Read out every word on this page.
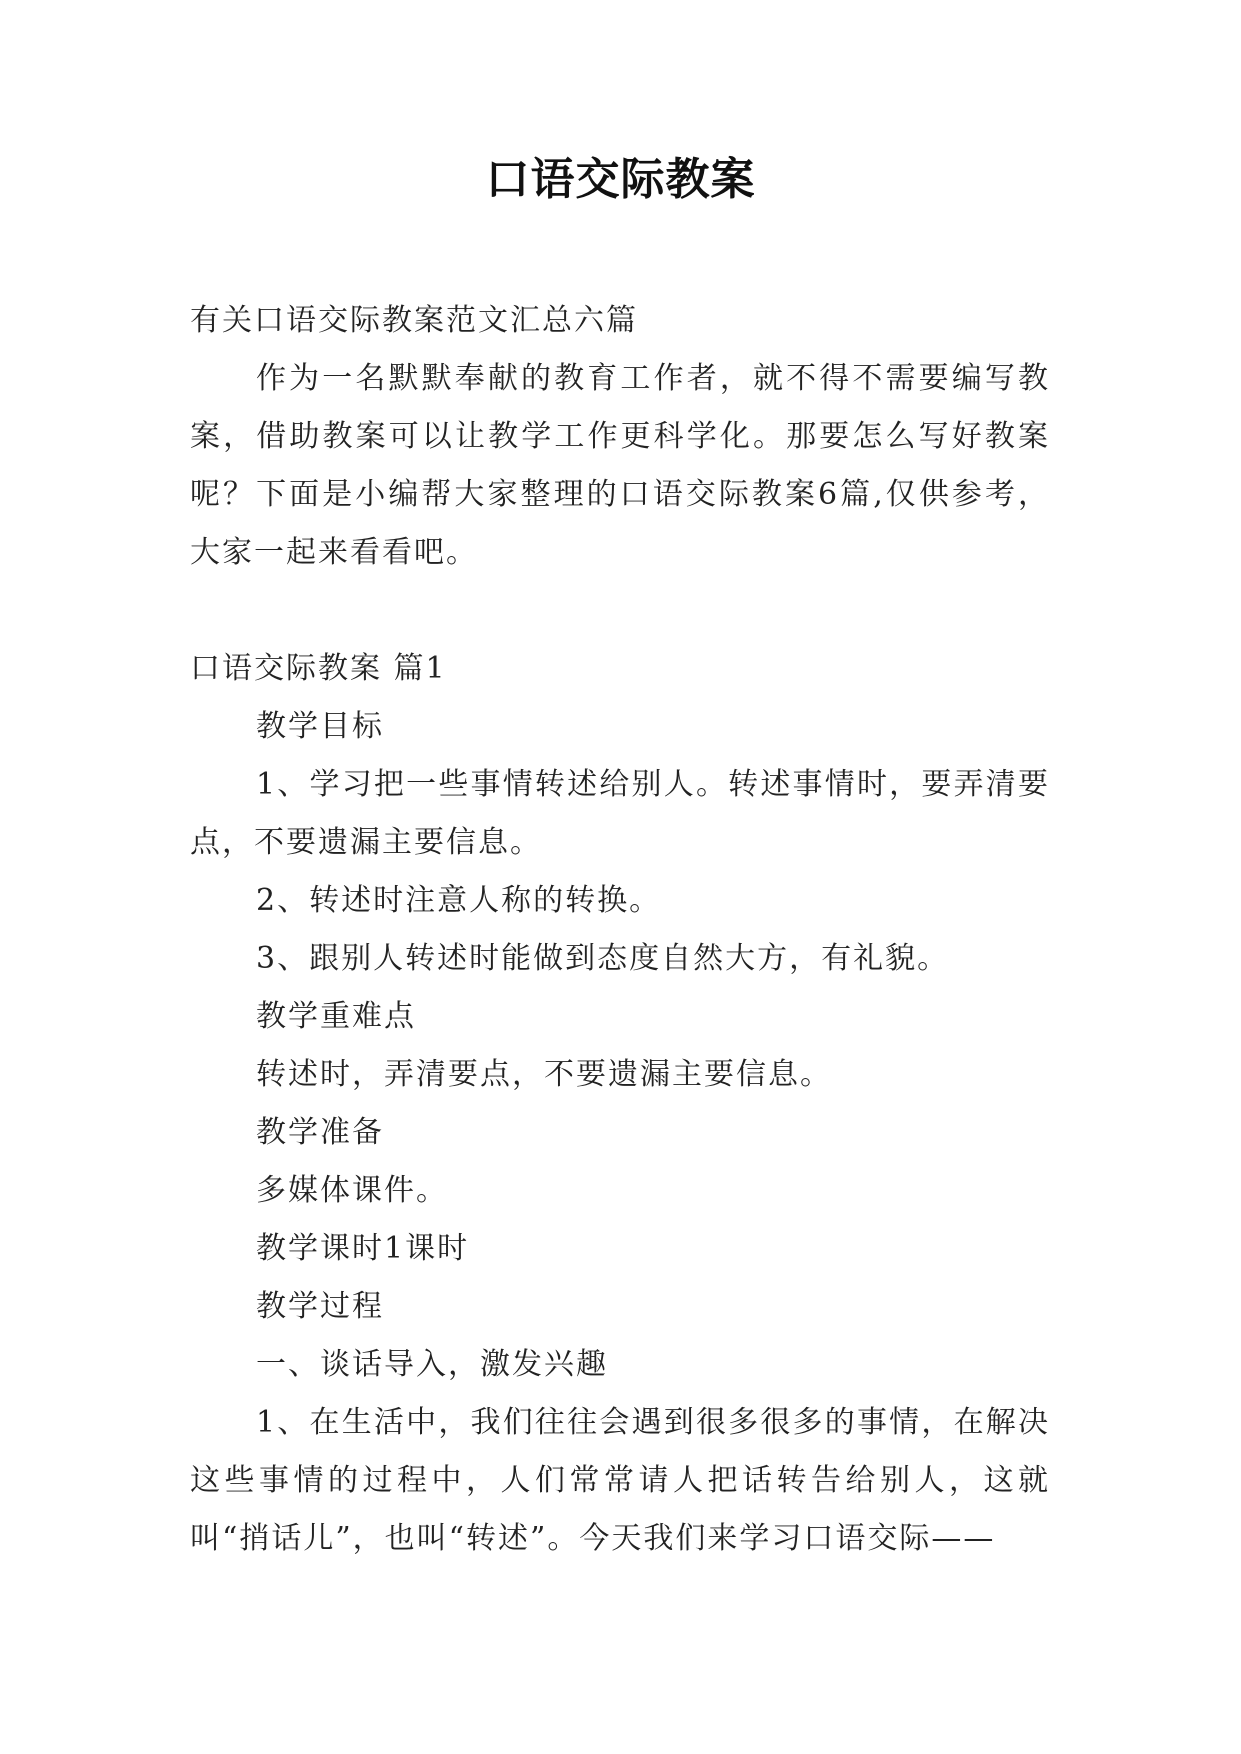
口语交际教案

有关口语交际教案范文汇总六篇

作为一名默默奉献的教育工作者，就不得不需要编写教案，借助教案可以让教学工作更科学化。那要怎么写好教案呢？下面是小编帮大家整理的口语交际教案6篇,仅供参考，大家一起来看看吧。

口语交际教案 篇1

教学目标

1、学习把一些事情转述给别人。转述事情时，要弄清要点，不要遗漏主要信息。

2、转述时注意人称的转换。

3、跟别人转述时能做到态度自然大方，有礼貌。

教学重难点

转述时，弄清要点，不要遗漏主要信息。

教学准备

多媒体课件。

教学课时1课时

教学过程

一、谈话导入，激发兴趣

1、在生活中，我们往往会遇到很多很多的事情，在解决这些事情的过程中，人们常常请人把话转告给别人，这就叫“捎话儿”，也叫“转述”。今天我们来学习口语交际——
